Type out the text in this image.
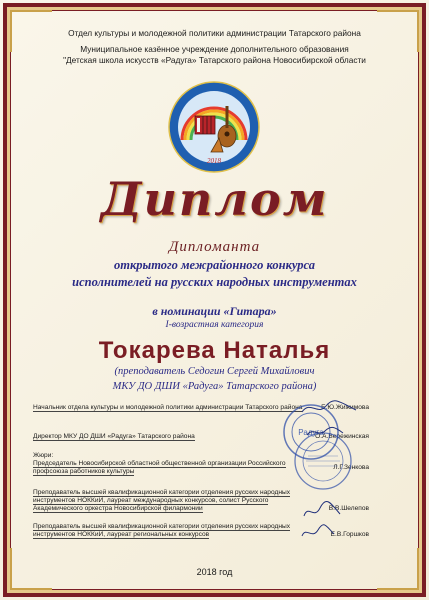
Отдел культуры и молодежной политики администрации Татарского района
Муниципальное казённое учреждение дополнительного образования
"Детская школа искусств «Радуга» Татарского района Новосибирской области
2018
Диплом
Дипломанта
открытого межрайонного конкурса
исполнителей на русских народных инструментах
в номинации «Гитара»
I-возрастная категория
Токарева Наталья
(преподаватель Седогин Сергей Михайлович
МКУ ДО ДШИ «Радуга» Татарского района)
Начальник отдела культуры и молодежной политики администрации Татарского района	Е.Ю.Жижимова
Директор МКУ ДО ДШИ «Радуга» Татарского района	О.А.Вережинская
Жюри:
Председатель Новосибирской областной общественной организации Российского профсоюза работников культуры
Л.Г.Зенкова
Преподаватель высшей квалификационной категории отделения русских народных инструментов НОККиИ, лауреат международных конкурсов, солист Русского Академического оркестра Новосибирской филармонии	В.В.Шелепов
Преподаватель высшей квалификационной категории отделения русских народных инструментов НОККиИ, лауреат региональных конкурсов	Е.В.Горшков
Радуга
2018 год
